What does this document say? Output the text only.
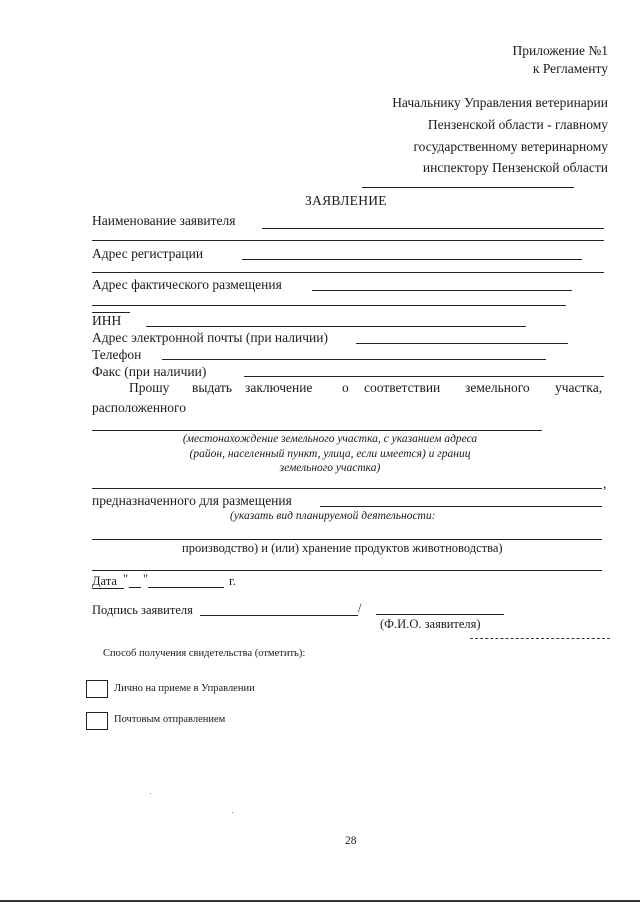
Приложение №1
к Регламенту
Начальнику Управления ветеринарии
Пензенской области - главному
государственному ветеринарному
инспектору Пензенской области
ЗАЯВЛЕНИЕ
Наименование заявителя
Адрес регистрации
Адрес фактического размещения
ИНН
Адрес электронной почты (при наличии)
Телефон
Факс (при наличии)
Прошу выдать заключение о соответствии земельного участка,
расположенного
(местонахождение земельного участка, с указанием адреса
(район, населенный пункт, улица, если имеется) и границ
земельного участка)
,
предназначенного для размещения
(указать вид планируемой деятельности:
производство) и (или) хранение продуктов животноводства)
Дата " "	г.
Подпись заявителя	/
(Ф.И.О. заявителя)
Способ получения свидетельства (отметить):
Лично на приеме в Управлении
Почтовым отправлением
28
